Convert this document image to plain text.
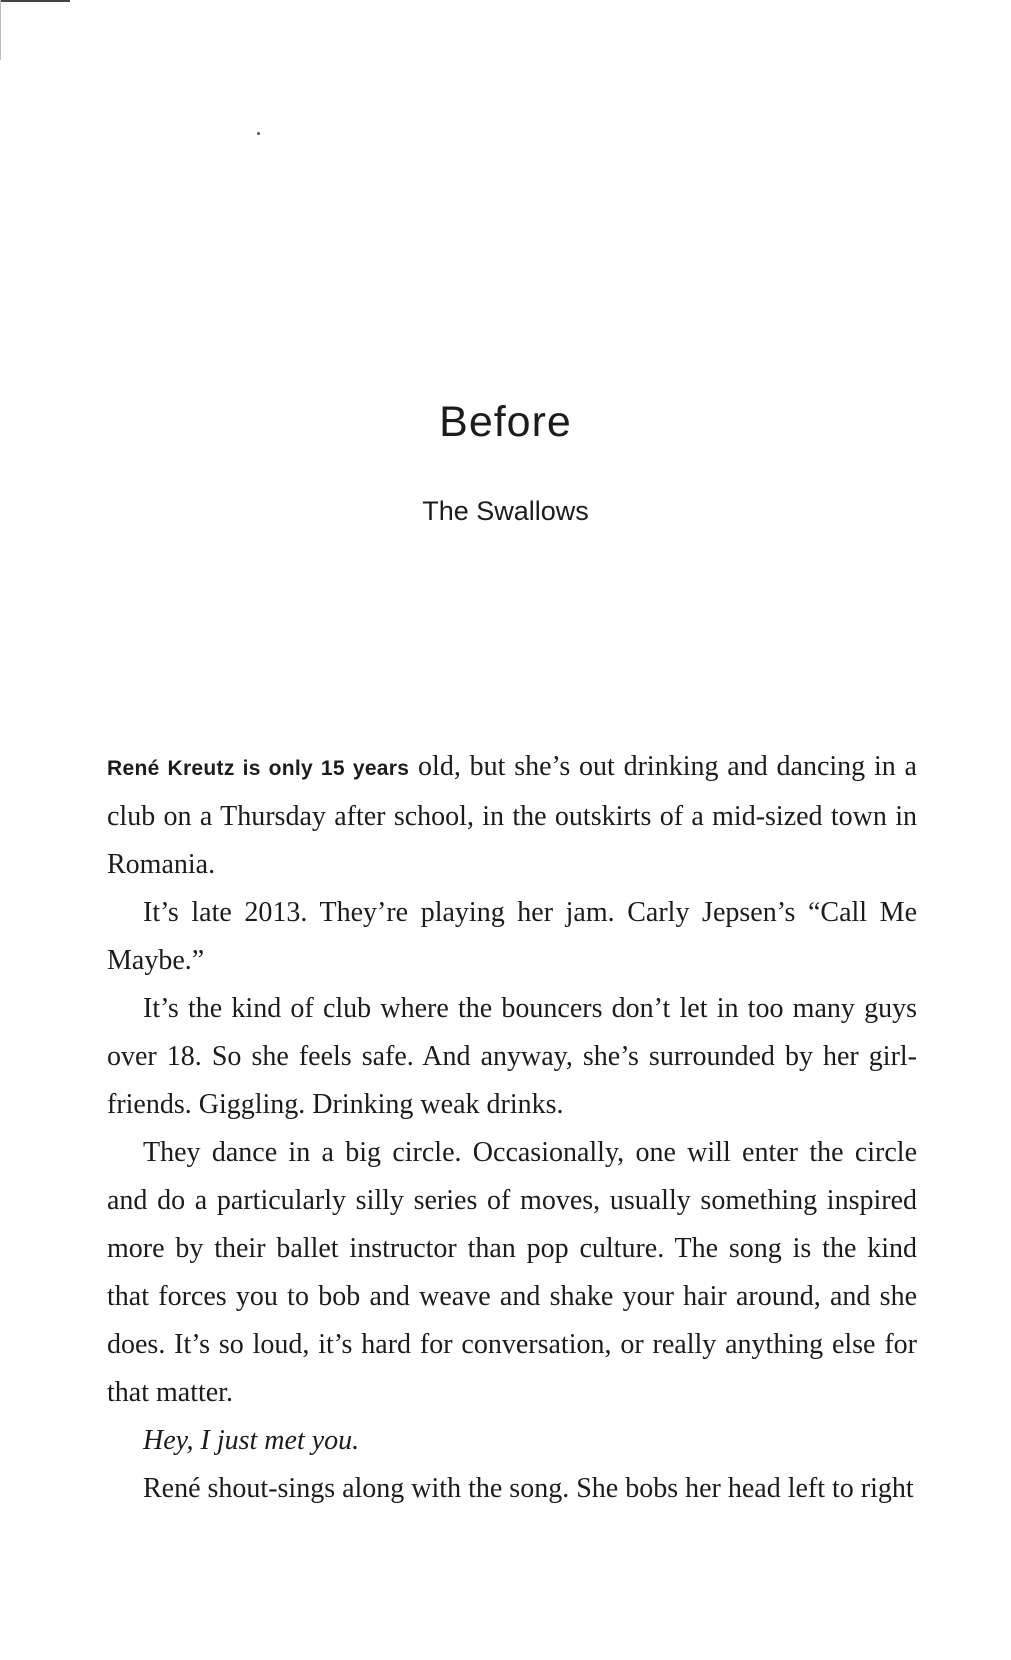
Before
The Swallows

René Kreutz is only 15 years old, but she’s out drinking and dancing in a club on a Thursday after school, in the outskirts of a mid-sized town in Romania.

It’s late 2013. They’re playing her jam. Carly Jepsen’s “Call Me Maybe.”

It’s the kind of club where the bouncers don’t let in too many guys over 18. So she feels safe. And anyway, she’s surrounded by her girlfriends. Giggling. Drinking weak drinks.

They dance in a big circle. Occasionally, one will enter the circle and do a particularly silly series of moves, usually something inspired more by their ballet instructor than pop culture. The song is the kind that forces you to bob and weave and shake your hair around, and she does. It’s so loud, it’s hard for conversation, or really anything else for that matter.

Hey, I just met you.

René shout-sings along with the song. She bobs her head left to right
